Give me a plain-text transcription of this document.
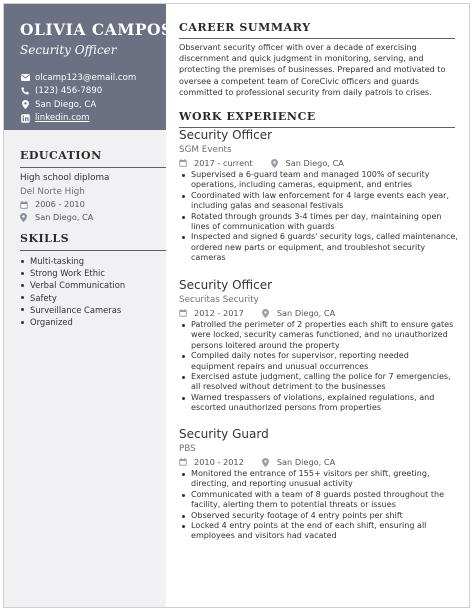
OLIVIA CAMPOS
Security Officer
olcamp123@email.com
(123) 456-7890
San Diego, CA
linkedin.com
EDUCATION
High school diploma
Del Norte High
2006 - 2010
San Diego, CA
SKILLS
Multi-tasking
Strong Work Ethic
Verbal Communication
Safety
Surveillance Cameras
Organized
CAREER SUMMARY
Observant security officer with over a decade of exercising
discernment and quick judgment in monitoring, serving, and
protecting the premises of businesses. Prepared and motivated to
oversee a competent team of CoreCivic officers and guards
committed to professional security from daily patrols to crises.
WORK EXPERIENCE
Security Officer
SGM Events
2017 - current	San Diego, CA
Supervised a 6-guard team and managed 100% of security
operations, including cameras, equipment, and entries
Coordinated with law enforcement for 4 large events each year,
including galas and seasonal festivals
Rotated through grounds 3-4 times per day, maintaining open
lines of communication with guards
Inspected and signed 6 guards' security logs, called maintenance,
ordered new parts or equipment, and troubleshot security
cameras
Security Officer
Securitas Security
2012 - 2017	San Diego, CA
Patrolled the perimeter of 2 properties each shift to ensure gates
were locked, security cameras functioned, and no unauthorized
persons loitered around the property
Compiled daily notes for supervisor, reporting needed
equipment repairs and unusual occurrences
Exercised astute judgment, calling the police for 7 emergencies,
all resolved without detriment to the businesses
Warned trespassers of violations, explained regulations, and
escorted unauthorized persons from properties
Security Guard
PBS
2010 - 2012	San Diego, CA
Monitored the entrance of 155+ visitors per shift, greeting,
directing, and reporting unusual activity
Communicated with a team of 8 guards posted throughout the
facility, alerting them to potential threats or issues
Observed security footage of 4 entry points per shift
Locked 4 entry points at the end of each shift, ensuring all
employees and visitors had vacated
